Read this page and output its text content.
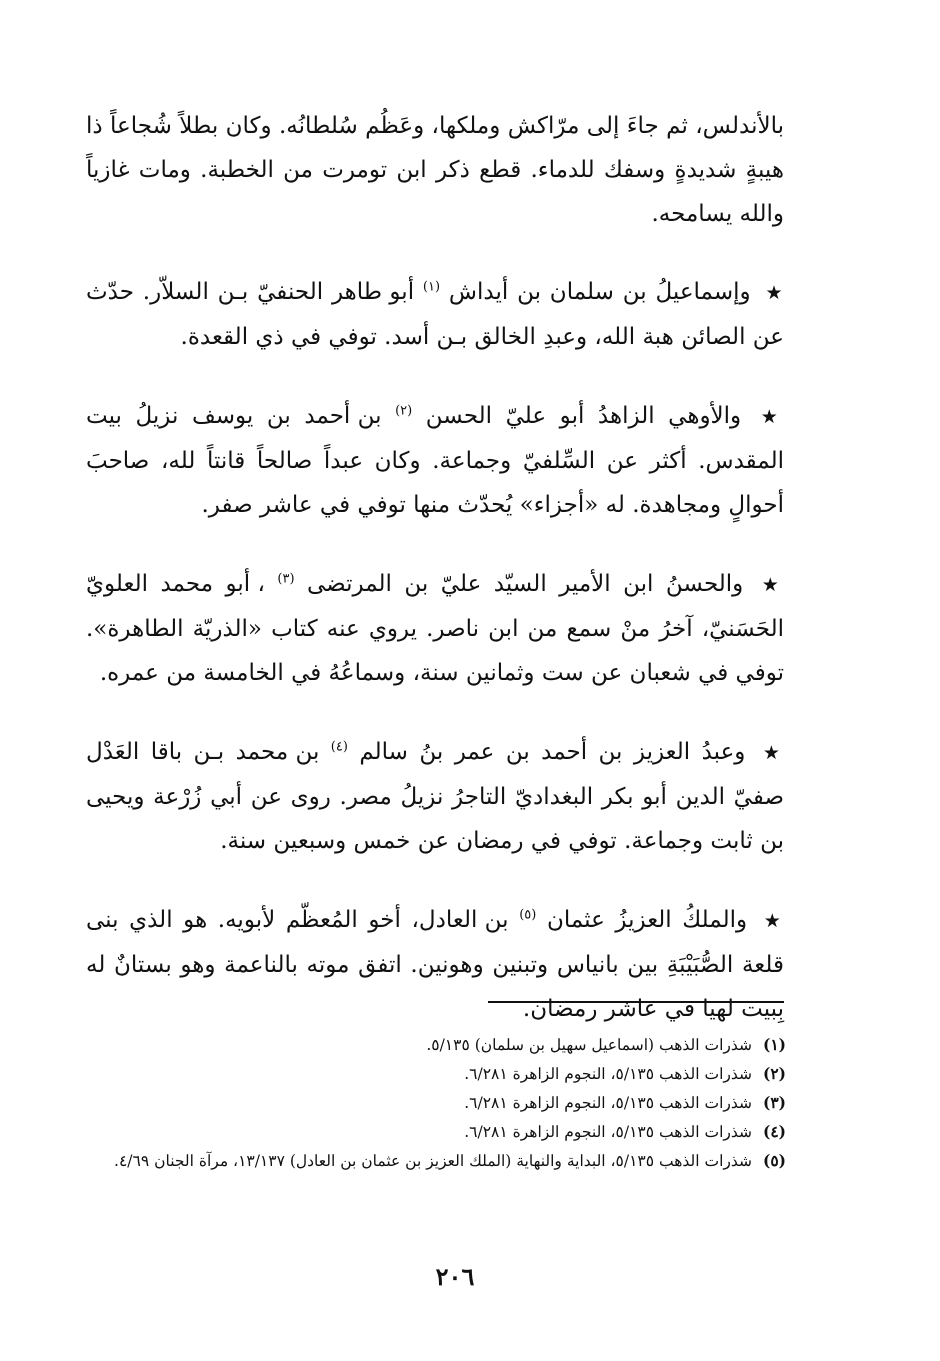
بالأندلس، ثم جاءَ إلى مرّاكش وملكها، وعَظُم سُلطانُه. وكان بطلاً شُجاعاً ذا هيبةٍ شديدةٍ وسفك للدماء. قطع ذكر ابن تومرت من الخطبة. ومات غازياً والله يسامحه.

★ وإسماعيلُ بن سلمان بن أيداش $^{(١)}$ أبو طاهر الحنفيّ بـن السلاّر. حدّث عن الصائن هبة الله، وعبدِ الخالق بـن أسد. توفي في ذي القعدة.

★ والأوهي الزاهدُ أبو عليّ الحسن $^{(٢)}$ بن أحمد بن يوسف نزيلُ بيت المقدس. أكثر عن السِّلفيّ وجماعة. وكان عبداً صالحاً قانتاً لله، صاحبَ أحوالٍ ومجاهدة. له «أجزاء» يُحدّث منها توفي في عاشر صفر.

★ والحسنُ ابن الأمير السيّد عليّ بن المرتضى $^{(٣)}$ ، أبو محمد العلويّ الحَسَنيّ، آخرُ منْ سمع من ابن ناصر. يروي عنه كتاب «الذريّة الطاهرة». توفي في شعبان عن ست وثمانين سنة، وسماعُهُ في الخامسة من عمره.

★ وعبدُ العزيز بن أحمد بن عمر بنُ سالم $^{(٤)}$ بن محمد بـن باقا العَدْل صفيّ الدين أبو بكر البغداديّ التاجرُ نزيلُ مصر. روى عن أبي زُرْعة ويحيى بن ثابت وجماعة. توفي في رمضان عن خمس وسبعين سنة.

★ والملكُ العزيزُ عثمان $^{(٥)}$ بن العادل، أخو المُعظّم لأبويه. هو الذي بنى قلعة الصُّبَيْبَةِ بين بانياس وتبنين وهونين. اتفق موته بالناعمة وهو بستانٌ له بِبيت لهيا في عاشر رمضان.

(١)
شذرات الذهب (اسماعيل سهيل بن سلمان) ٥/١٣٥.
(٢)
شذرات الذهب ٥/١٣٥، النجوم الزاهرة ٦/٢٨١.
(٣)
شذرات الذهب ٥/١٣٥، النجوم الزاهرة ٦/٢٨١.
(٤)
شذرات الذهب ٥/١٣٥، النجوم الزاهرة ٦/٢٨١.
(٥)
شذرات الذهب ٥/١٣٥، البداية والنهاية (الملك العزيز بن عثمان بن العادل) ١٣/١٣٧، مرآة الجنان ٤/٦٩.
٢٠٦
